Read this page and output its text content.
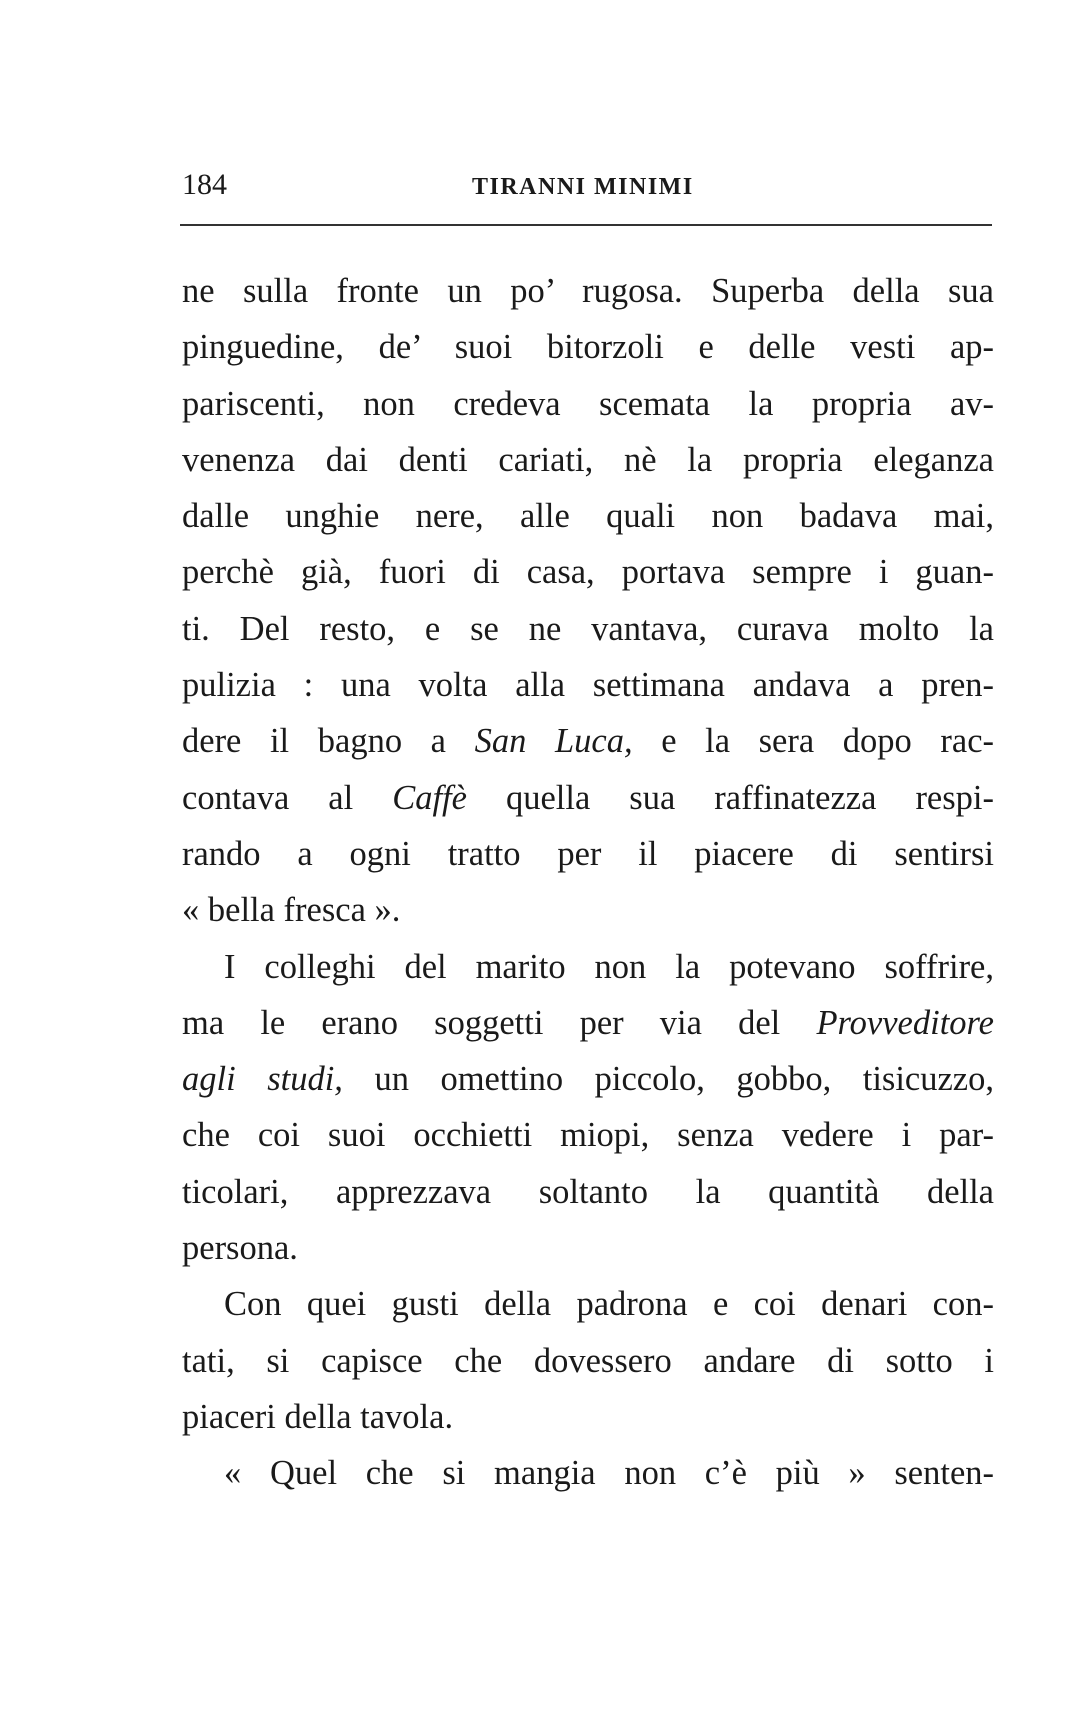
184	TIRANNI MINIMI
ne sulla fronte un po’ rugosa. Superba della sua
pinguedine, de’ suoi bitorzoli e delle vesti ap-
pariscenti, non credeva scemata la propria av-
venenza dai denti cariati, nè la propria eleganza
dalle unghie nere, alle quali non badava mai,
perchè già, fuori di casa, portava sempre i guan-
ti. Del resto, e se ne vantava, curava molto la
pulizia : una volta alla settimana andava a pren-
dere il bagno a San Luca, e la sera dopo rac-
contava al Caffè quella sua raffinatezza respi-
rando a ogni tratto per il piacere di sentirsi
« bella fresca ».
I colleghi del marito non la potevano soffrire,
ma le erano soggetti per via del Provveditore
agli studi, un omettino piccolo, gobbo, tisicuzzo,
che coi suoi occhietti miopi, senza vedere i par-
ticolari, apprezzava soltanto la quantità della
persona.
Con quei gusti della padrona e coi denari con-
tati, si capisce che dovessero andare di sotto i
piaceri della tavola.
« Quel che si mangia non c’è più » senten-
